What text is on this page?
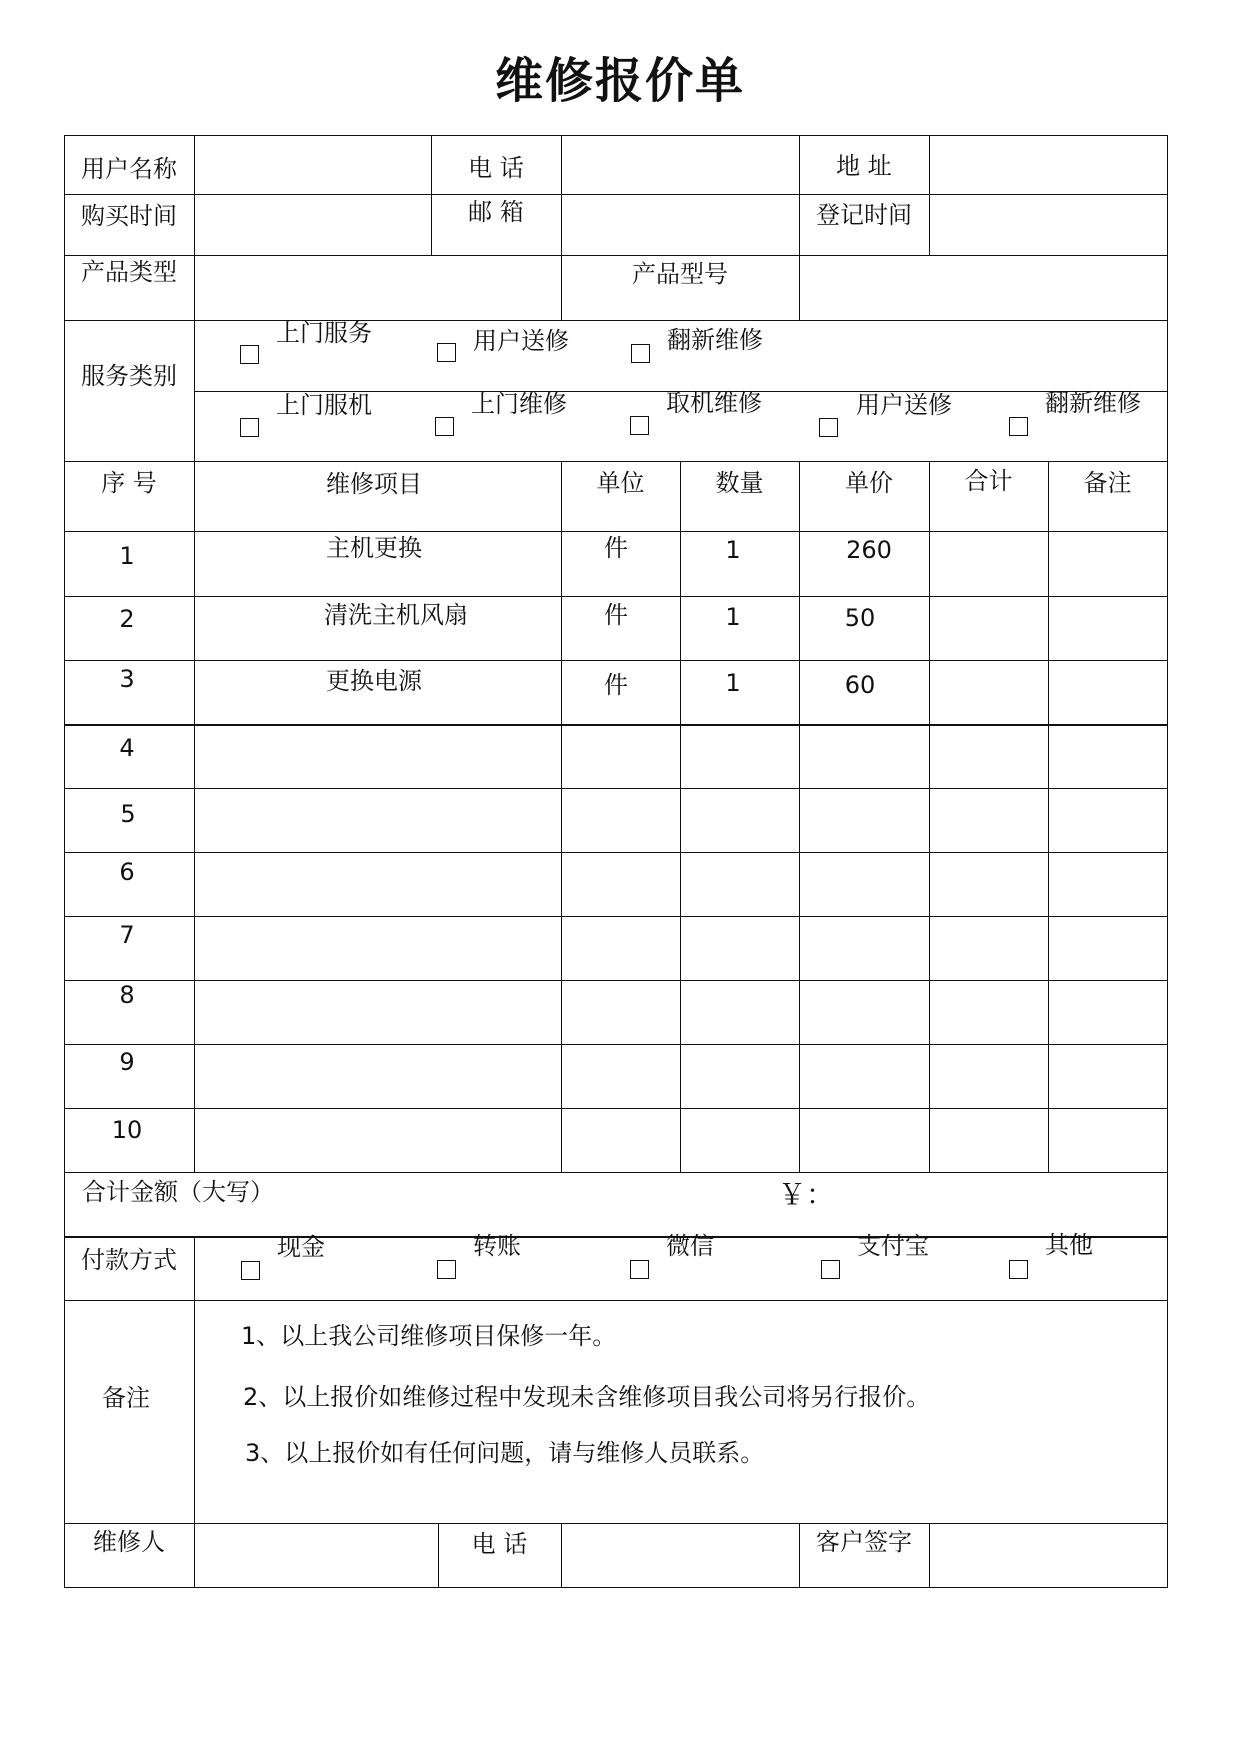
维修报价单
用户名称	电 话	地 址
购买时间	邮 箱	登记时间
产品类型	产品型号
服务类别
上门服务	用户送修	翻新维修
上门服机	上门维修	取机维修	用户送修	翻新维修
序 号	维修项目	单位	数量	单价	合计	备注
1	主机更换	件	1	260
2	清洗主机风扇	件	1	50
3	更换电源	件	1	60
4
5
6
7
8
9
10
合计金额（大写）	￥：
付款方式	现金	转账	微信	支付宝	其他
备注
1、以上我公司维修项目保修一年。
2、以上报价如维修过程中发现未含维修项目我公司将另行报价。
3、以上报价如有任何问题，请与维修人员联系。
维修人	电 话	客户签字
